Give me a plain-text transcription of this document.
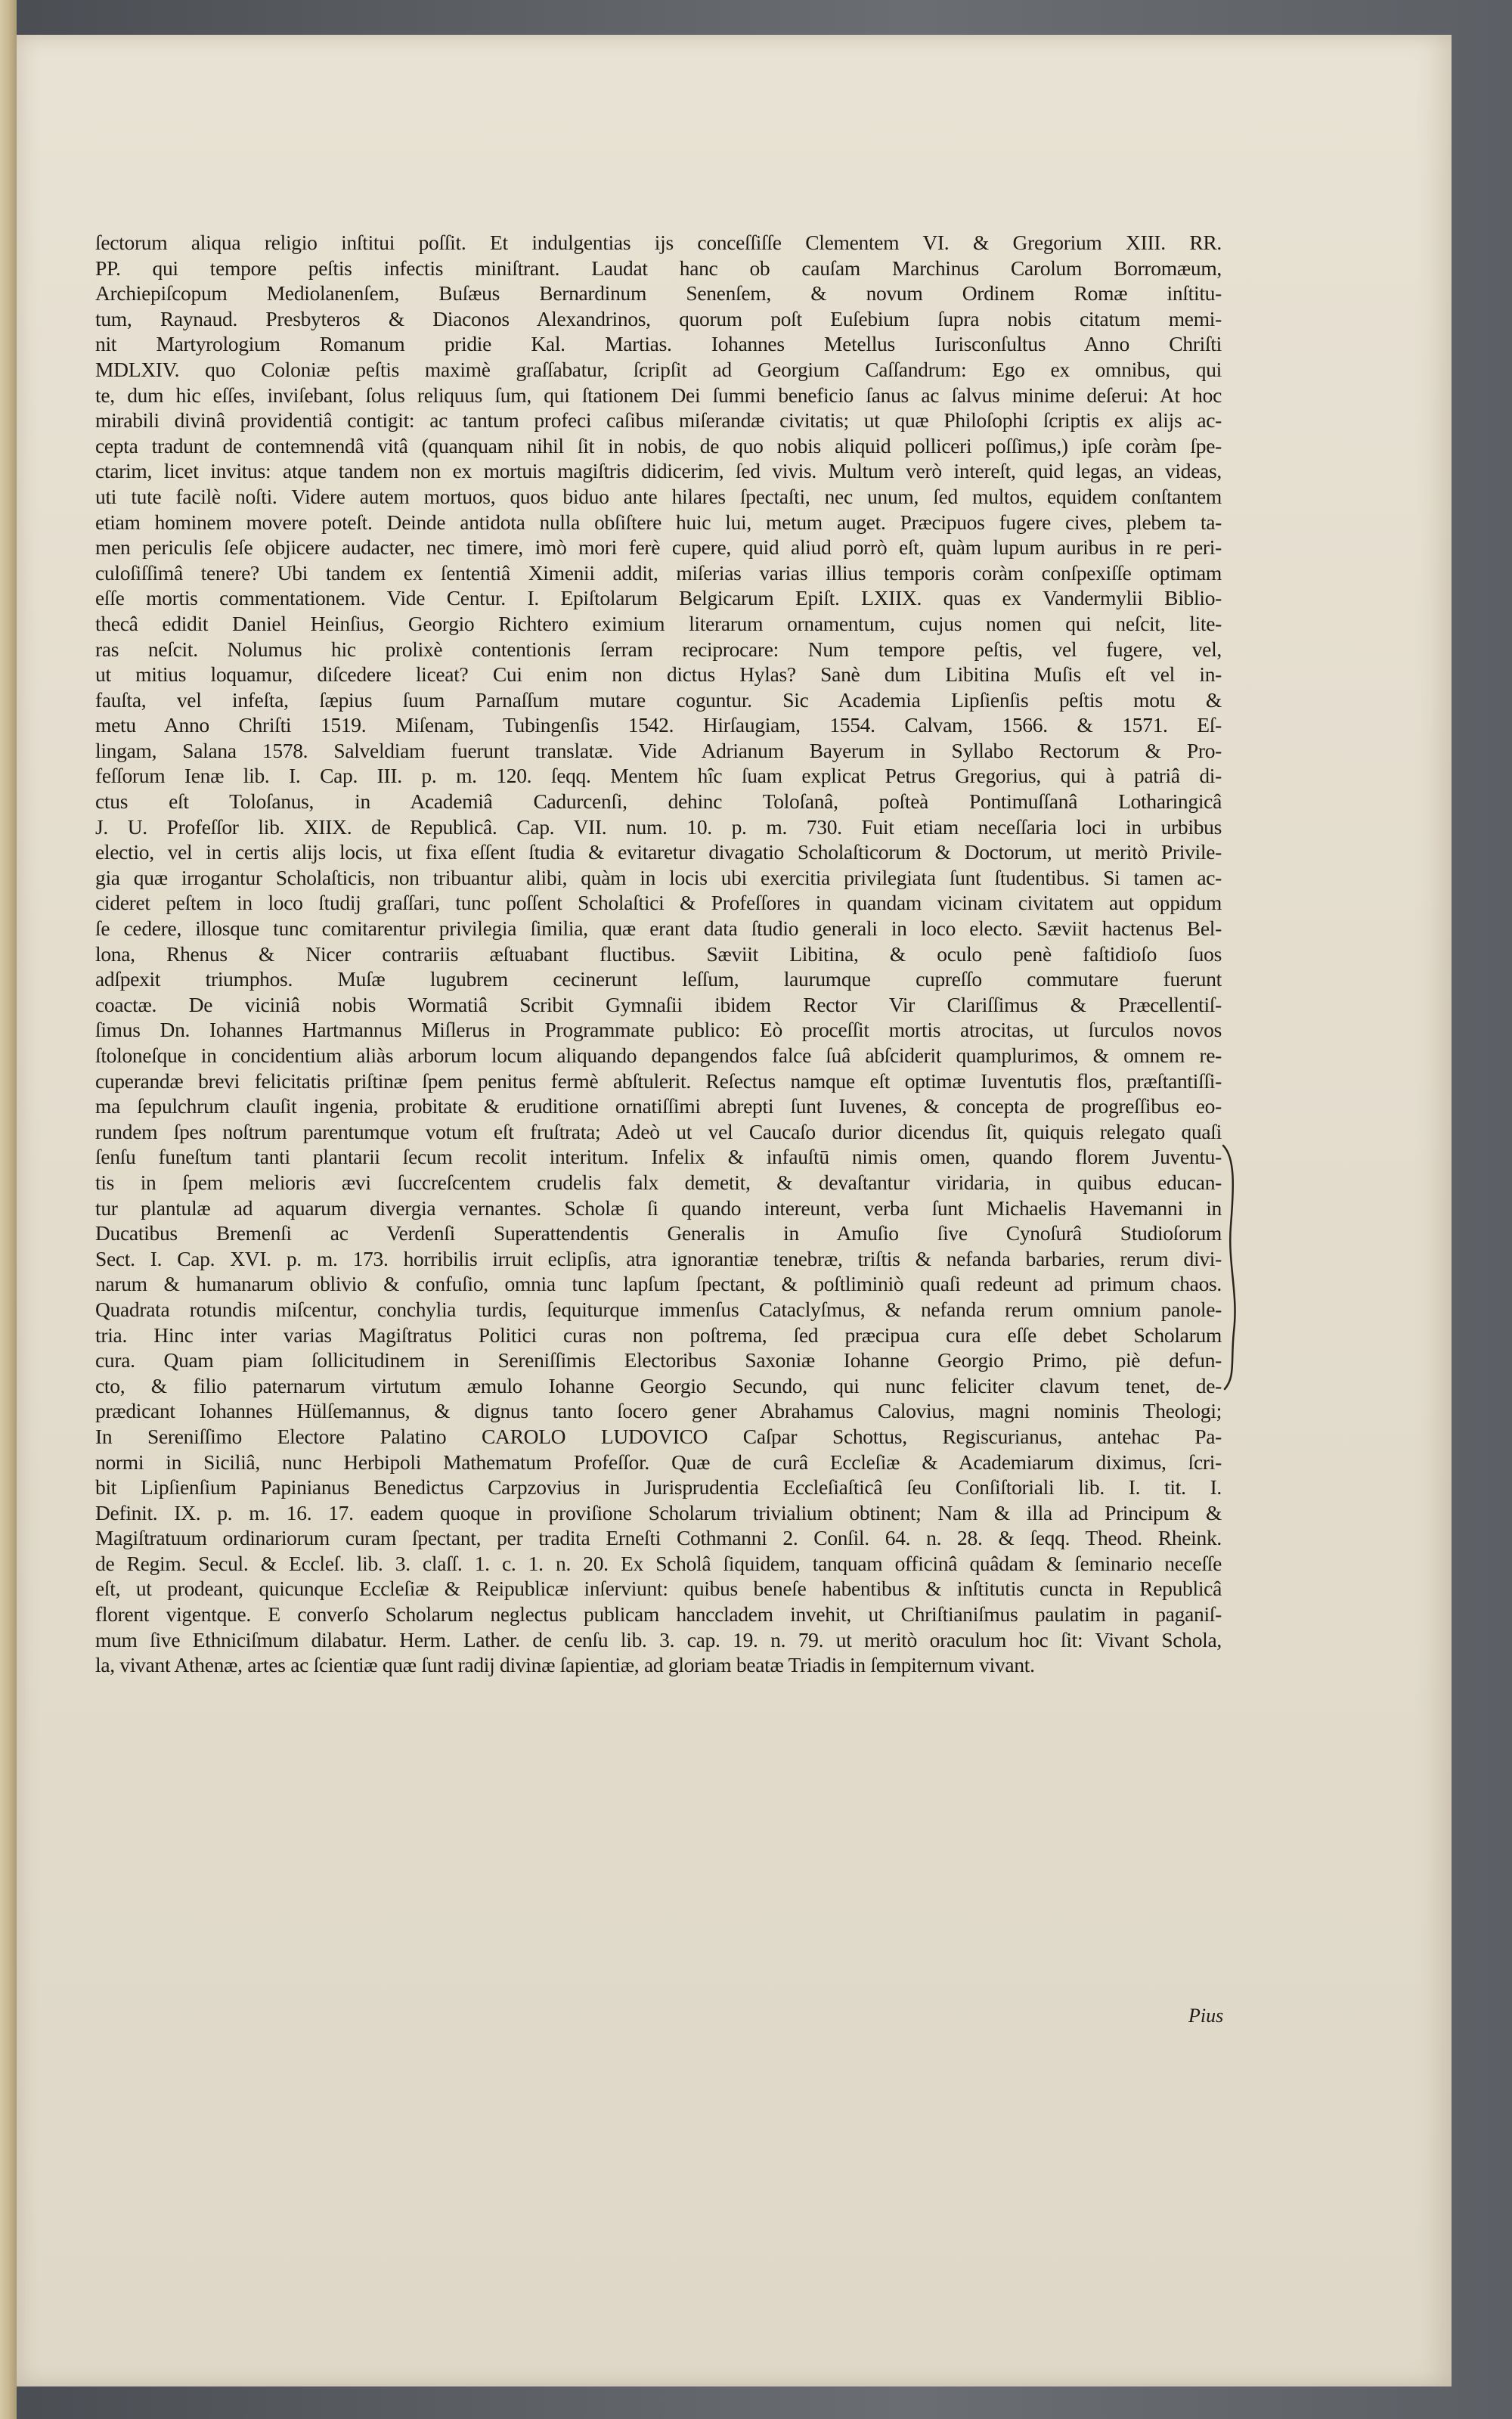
ſectorum aliqua religio inſtitui poſſit. Et indulgentias ijs conceſſiſſe Clementem VI. & Gregorium XIII. RR.
PP. qui tempore peſtis infectis miniſtrant. Laudat hanc ob cauſam Marchinus Carolum Borromæum,
Archiepiſcopum Mediolanenſem, Buſæus Bernardinum Senenſem, & novum Ordinem Romæ inſtitu-
tum, Raynaud. Presbyteros & Diaconos Alexandrinos, quorum poſt Euſebium ſupra nobis citatum memi-
nit Martyrologium Romanum pridie Kal. Martias. Iohannes Metellus Iurisconſultus Anno Chriſti
MDLXIV. quo Coloniæ peſtis maximè graſſabatur, ſcripſit ad Georgium Caſſandrum: Ego ex omnibus, qui
te, dum hic eſſes, inviſebant, ſolus reliquus ſum, qui ſtationem Dei ſummi beneficio ſanus ac ſalvus minime deſerui: At hoc
mirabili divinâ providentiâ contigit: ac tantum profeci caſibus miſerandæ civitatis; ut quæ Philoſophi ſcriptis ex alijs ac-
cepta tradunt de contemnendâ vitâ (quanquam nihil ſit in nobis, de quo nobis aliquid polliceri poſſimus,) ipſe coràm ſpe-
ctarim, licet invitus: atque tandem non ex mortuis magiſtris didicerim, ſed vivis. Multum verò intereſt, quid legas, an videas,
uti tute facilè noſti. Videre autem mortuos, quos biduo ante hilares ſpectaſti, nec unum, ſed multos, equidem conſtantem
etiam hominem movere poteſt. Deinde antidota nulla obſiſtere huic lui, metum auget. Præcipuos fugere cives, plebem ta-
men periculis ſeſe objicere audacter, nec timere, imò mori ferè cupere, quid aliud porrò eſt, quàm lupum auribus in re peri-
culoſiſſimâ tenere? Ubi tandem ex ſententiâ Ximenii addit, miſerias varias illius temporis coràm conſpexiſſe optimam
eſſe mortis commentationem. Vide Centur. I. Epiſtolarum Belgicarum Epiſt. LXIIX. quas ex Vandermylii Biblio-
thecâ edidit Daniel Heinſius, Georgio Richtero eximium literarum ornamentum, cujus nomen qui neſcit, lite-
ras neſcit. Nolumus hic prolixè contentionis ſerram reciprocare: Num tempore peſtis, vel fugere, vel,
ut mitius loquamur, diſcedere liceat? Cui enim non dictus Hylas? Sanè dum Libitina Muſis eſt vel in-
fauſta, vel infeſta, ſæpius ſuum Parnaſſum mutare coguntur. Sic Academia Lipſienſis peſtis motu &
metu Anno Chriſti 1519. Miſenam, Tubingenſis 1542. Hirſaugiam, 1554. Calvam, 1566. & 1571. Eſ-
lingam, Salana 1578. Salveldiam fuerunt translatæ. Vide Adrianum Bayerum in Syllabo Rectorum & Pro-
feſſorum Ienæ lib. I. Cap. III. p. m. 120. ſeqq. Mentem hîc ſuam explicat Petrus Gregorius, qui à patriâ di-
ctus eſt Toloſanus, in Academiâ Cadurcenſi, dehinc Toloſanâ, poſteà Pontimuſſanâ Lotharingicâ
J. U. Profeſſor lib. XIIX. de Republicâ. Cap. VII. num. 10. p. m. 730. Fuit etiam neceſſaria loci in urbibus
electio, vel in certis alijs locis, ut fixa eſſent ſtudia & evitaretur divagatio Scholaſticorum & Doctorum, ut meritò Privile-
gia quæ irrogantur Scholaſticis, non tribuantur alibi, quàm in locis ubi exercitia privilegiata ſunt ſtudentibus. Si tamen ac-
cideret peſtem in loco ſtudij graſſari, tunc poſſent Scholaſtici & Profeſſores in quandam vicinam civitatem aut oppidum
ſe cedere, illosque tunc comitarentur privilegia ſimilia, quæ erant data ſtudio generali in loco electo. Sæviit hactenus Bel-
lona, Rhenus & Nicer contrariis æſtuabant fluctibus. Sæviit Libitina, & oculo penè faſtidioſo ſuos
adſpexit triumphos. Muſæ lugubrem cecinerunt leſſum, laurumque cupreſſo commutare fuerunt
coactæ. De viciniâ nobis Wormatiâ Scribit Gymnaſii ibidem Rector Vir Clariſſimus & Præcellentiſ-
ſimus Dn. Iohannes Hartmannus Miſlerus in Programmate publico: Eò proceſſit mortis atrocitas, ut ſurculos novos
ſtoloneſque in concidentium aliàs arborum locum aliquando depangendos falce ſuâ abſciderit quamplurimos, & omnem re-
cuperandæ brevi felicitatis priſtinæ ſpem penitus fermè abſtulerit. Reſectus namque eſt optimæ Iuventutis flos, præſtantiſſi-
ma ſepulchrum clauſit ingenia, probitate & eruditione ornatiſſimi abrepti ſunt Iuvenes, & concepta de progreſſibus eo-
rundem ſpes noſtrum parentumque votum eſt fruſtrata; Adeò ut vel Caucaſo durior dicendus ſit, quiquis relegato quaſi
ſenſu funeſtum tanti plantarii ſecum recolit interitum. Infelix & infauſtū nimis omen, quando florem Juventu-
tis in ſpem melioris ævi ſuccreſcentem crudelis falx demetit, & devaſtantur viridaria, in quibus educan-
tur plantulæ ad aquarum divergia vernantes. Scholæ ſi quando intereunt, verba ſunt Michaelis Havemanni in
Ducatibus Bremenſi ac Verdenſi Superattendentis Generalis in Amuſio ſive Cynoſurâ Studioſorum
Sect. I. Cap. XVI. p. m. 173. horribilis irruit eclipſis, atra ignorantiæ tenebræ, triſtis & nefanda barbaries, rerum divi-
narum & humanarum oblivio & confuſio, omnia tunc lapſum ſpectant, & poſtliminiò quaſi redeunt ad primum chaos.
Quadrata rotundis miſcentur, conchylia turdis, ſequiturque immenſus Cataclyſmus, & nefanda rerum omnium panole-
tria. Hinc inter varias Magiſtratus Politici curas non poſtrema, ſed præcipua cura eſſe debet Scholarum
cura. Quam piam ſollicitudinem in Sereniſſimis Electoribus Saxoniæ Iohanne Georgio Primo, piè defun-
cto, & filio paternarum virtutum æmulo Iohanne Georgio Secundo, qui nunc feliciter clavum tenet, de-
prædicant Iohannes Hülſemannus, & dignus tanto ſocero gener Abrahamus Calovius, magni nominis Theologi;
In Sereniſſimo Electore Palatino CAROLO LUDOVICO Caſpar Schottus, Regiscurianus, antehac Pa-
normi in Siciliâ, nunc Herbipoli Mathematum Profeſſor. Quæ de curâ Eccleſiæ & Academiarum diximus, ſcri-
bit Lipſienſium Papinianus Benedictus Carpzovius in Jurisprudentia Eccleſiaſticâ ſeu Conſiſtoriali lib. I. tit. I.
Definit. IX. p. m. 16. 17. eadem quoque in proviſione Scholarum trivialium obtinent; Nam & illa ad Principum &
Magiſtratuum ordinariorum curam ſpectant, per tradita Erneſti Cothmanni 2. Conſil. 64. n. 28. & ſeqq. Theod. Rheink.
de Regim. Secul. & Eccleſ. lib. 3. claſſ. 1. c. 1. n. 20. Ex Scholâ ſiquidem, tanquam officinâ quâdam & ſeminario neceſſe
eſt, ut prodeant, quicunque Eccleſiæ & Reipublicæ inſerviunt: quibus beneſe habentibus & inſtitutis cuncta in Republicâ
florent vigentque. E converſo Scholarum neglectus publicam hanccladem invehit, ut Chriſtianiſmus paulatim in paganiſ-
mum ſive Ethniciſmum dilabatur. Herm. Lather. de cenſu lib. 3. cap. 19. n. 79. ut meritò oraculum hoc ſit: Vivant Schola,
la, vivant Athenæ, artes ac ſcientiæ quæ ſunt radij divinæ ſapientiæ, ad gloriam beatæ Triadis in ſempiternum vivant.
Pius
